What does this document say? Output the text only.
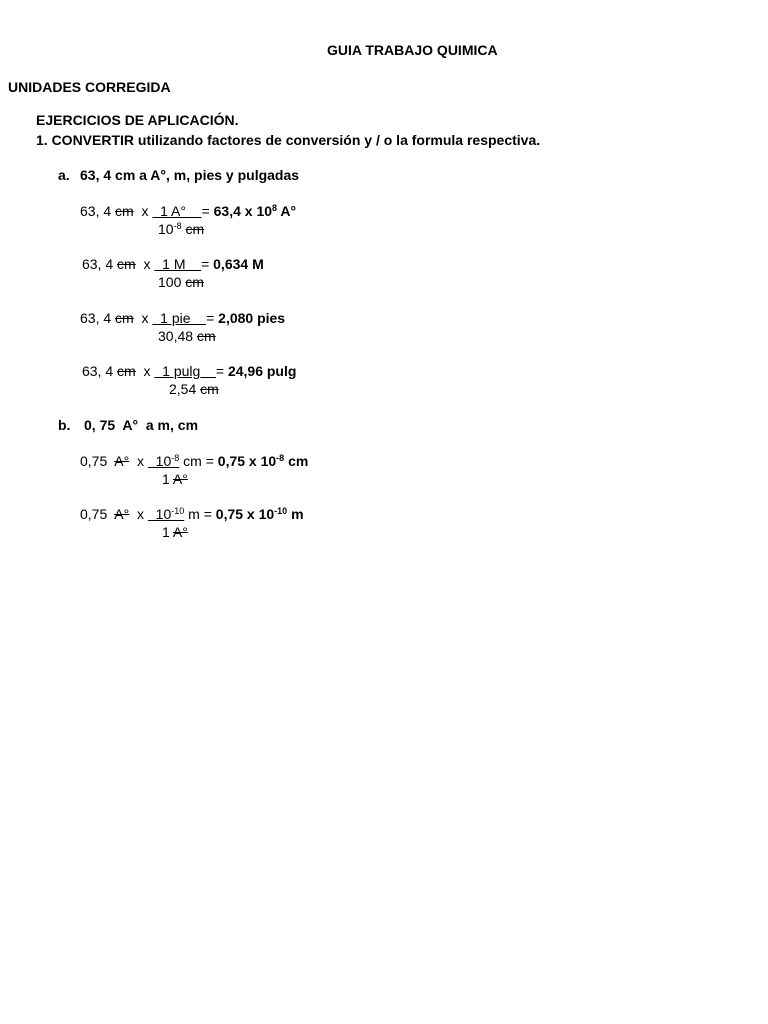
GUIA TRABAJO QUIMICA
UNIDADES CORREGIDA
EJERCICIOS DE APLICACIÓN.
1. CONVERTIR utilizando factores de conversión y / o la formula respectiva.
a. 63, 4 cm a A°, m, pies y pulgadas
63, 4 cm x 1 A° = 63,4 x $10^8$ A°
$10^{-8}$ cm
63, 4 cm x 1 M = 0,634 M
100 cm
63, 4 cm x 1 pie = 2,080 pies
30,48 cm
63, 4 cm x 1 pulg = 24,96 pulg
2,54 cm
b. 0, 75  A°  a m, cm
0,75 A° x $10^{-8}$ cm = 0,75 x $10^{-8}$ cm
1 A°
0,75 A° x $10^{-10}$ m = 0,75 x $10^{-10}$ m
1 A°
